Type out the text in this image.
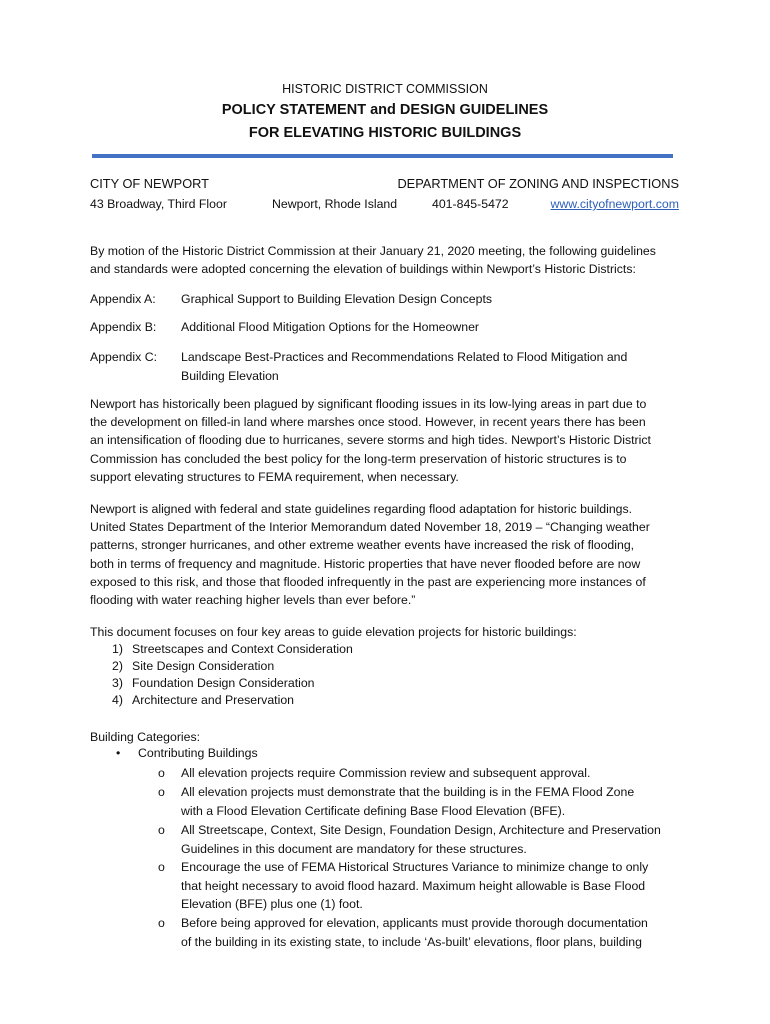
HISTORIC DISTRICT COMMISSION
POLICY STATEMENT and DESIGN GUIDELINES
FOR ELEVATING HISTORIC BUILDINGS
CITY OF NEWPORT	DEPARTMENT OF ZONING AND INSPECTIONS
43 Broadway, Third Floor	Newport, Rhode Island	401-845-5472	www.cityofnewport.com
By motion of the Historic District Commission at their January 21, 2020 meeting, the following guidelines
and standards were adopted concerning the elevation of buildings within Newport’s Historic Districts:
Appendix A: Graphical Support to Building Elevation Design Concepts
Appendix B: Additional Flood Mitigation Options for the Homeowner
Appendix C: Landscape Best-Practices and Recommendations Related to Flood Mitigation and
Building Elevation
Newport has historically been plagued by significant flooding issues in its low-lying areas in part due to
the development on filled-in land where marshes once stood. However, in recent years there has been
an intensification of flooding due to hurricanes, severe storms and high tides. Newport’s Historic District
Commission has concluded the best policy for the long-term preservation of historic structures is to
support elevating structures to FEMA requirement, when necessary.
Newport is aligned with federal and state guidelines regarding flood adaptation for historic buildings.
United States Department of the Interior Memorandum dated November 18, 2019 – “Changing weather
patterns, stronger hurricanes, and other extreme weather events have increased the risk of flooding,
both in terms of frequency and magnitude. Historic properties that have never flooded before are now
exposed to this risk, and those that flooded infrequently in the past are experiencing more instances of
flooding with water reaching higher levels than ever before.”
This document focuses on four key areas to guide elevation projects for historic buildings:
1) Streetscapes and Context Consideration
2) Site Design Consideration
3) Foundation Design Consideration
4) Architecture and Preservation
Building Categories:
• Contributing Buildings
o All elevation projects require Commission review and subsequent approval.
o All elevation projects must demonstrate that the building is in the FEMA Flood Zone
with a Flood Elevation Certificate defining Base Flood Elevation (BFE).
o All Streetscape, Context, Site Design, Foundation Design, Architecture and Preservation
Guidelines in this document are mandatory for these structures.
o Encourage the use of FEMA Historical Structures Variance to minimize change to only
that height necessary to avoid flood hazard. Maximum height allowable is Base Flood
Elevation (BFE) plus one (1) foot.
o Before being approved for elevation, applicants must provide thorough documentation
of the building in its existing state, to include ‘As-built’ elevations, floor plans, building
